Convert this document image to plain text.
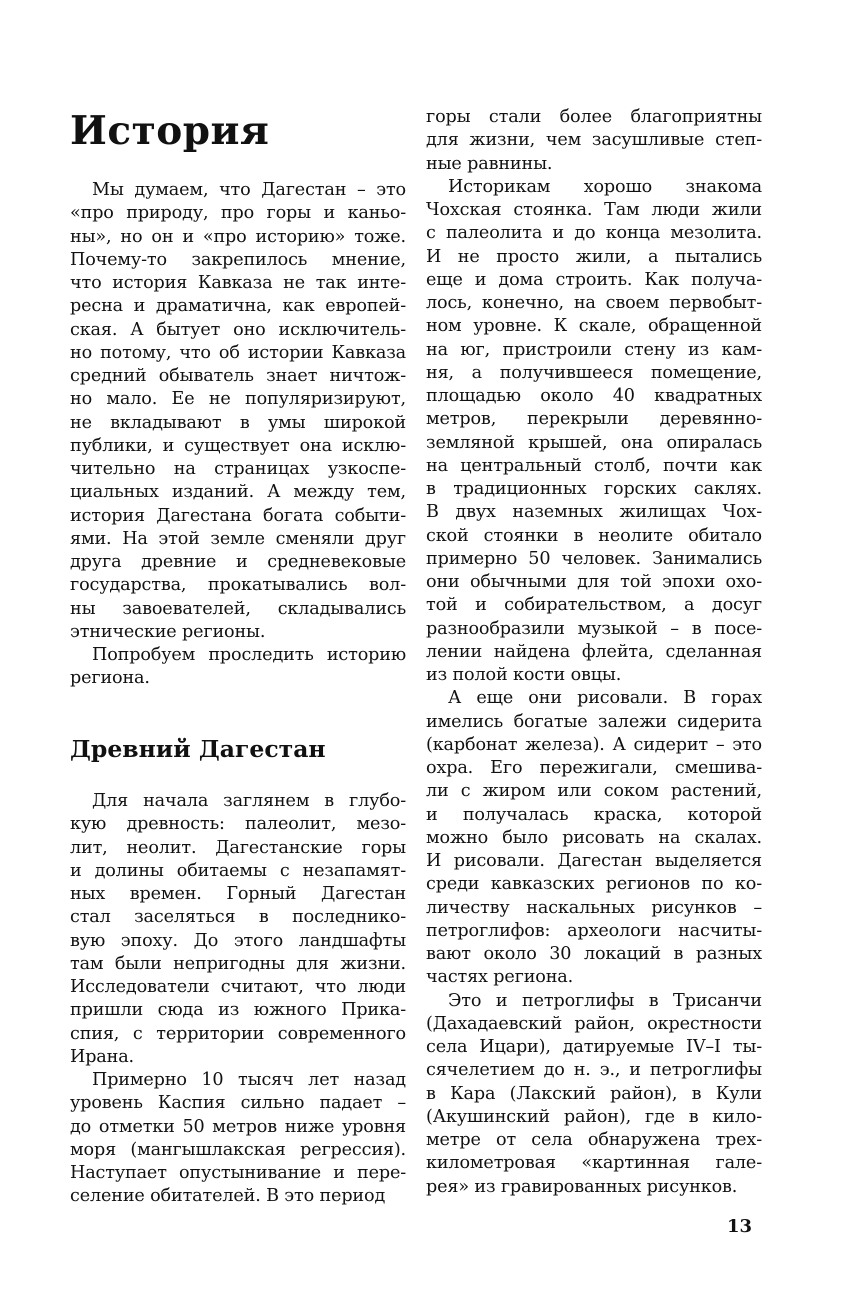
История
Мы думаем, что Дагестан – это
«про природу, про горы и каньо-
ны», но он и «про историю» тоже.
Почему-то закрепилось мнение,
что история Кавказа не так инте-
ресна и драматична, как европей-
ская. А бытует оно исключитель-
но потому, что об истории Кавказа
средний обыватель знает ничтож-
но мало. Ее не популяризируют,
не вкладывают в умы широкой
публики, и существует она исклю-
чительно на страницах узкоспе-
циальных изданий. А между тем,
история Дагестана богата событи-
ями. На этой земле сменяли друг
друга древние и средневековые
государства, прокатывались вол-
ны завоевателей, складывались
этнические регионы.
Попробуем проследить историю
региона.
Древний Дагестан
Для начала заглянем в глубо-
кую древность: палеолит, мезо-
лит, неолит. Дагестанские горы
и долины обитаемы с незапамят-
ных времен. Горный Дагестан
стал заселяться в последнико-
вую эпоху. До этого ландшафты
там были непригодны для жизни.
Исследователи считают, что люди
пришли сюда из южного Прика-
спия, с территории современного
Ирана.
Примерно 10 тысяч лет назад
уровень Каспия сильно падает –
до отметки 50 метров ниже уровня
моря (мангышлакская регрессия).
Наступает опустынивание и пере-
селение обитателей. В это период
горы стали более благоприятны
для жизни, чем засушливые степ-
ные равнины.
Историкам хорошо знакома
Чохская стоянка. Там люди жили
с палеолита и до конца мезолита.
И не просто жили, а пытались
еще и дома строить. Как получа-
лось, конечно, на своем первобыт-
ном уровне. К скале, обращенной
на юг, пристроили стену из кам-
ня, а получившееся помещение,
площадью около 40 квадратных
метров, перекрыли деревянно-
земляной крышей, она опиралась
на центральный столб, почти как
в традиционных горских саклях.
В двух наземных жилищах Чох-
ской стоянки в неолите обитало
примерно 50 человек. Занимались
они обычными для той эпохи охо-
той и собирательством, а досуг
разнообразили музыкой – в посе-
лении найдена флейта, сделанная
из полой кости овцы.
А еще они рисовали. В горах
имелись богатые залежи сидерита
(карбонат железа). А сидерит – это
охра. Его пережигали, смешива-
ли с жиром или соком растений,
и получалась краска, которой
можно было рисовать на скалах.
И рисовали. Дагестан выделяется
среди кавказских регионов по ко-
личеству наскальных рисунков –
петроглифов: археологи насчиты-
вают около 30 локаций в разных
частях региона.
Это и петроглифы в Трисанчи
(Дахадаевский район, окрестности
села Ицари), датируемые IV–I ты-
сячелетием до н. э., и петроглифы
в Кара (Лакский район), в Кули
(Акушинский район), где в кило-
метре от села обнаружена трех-
километровая «картинная гале-
рея» из гравированных рисунков.
13
